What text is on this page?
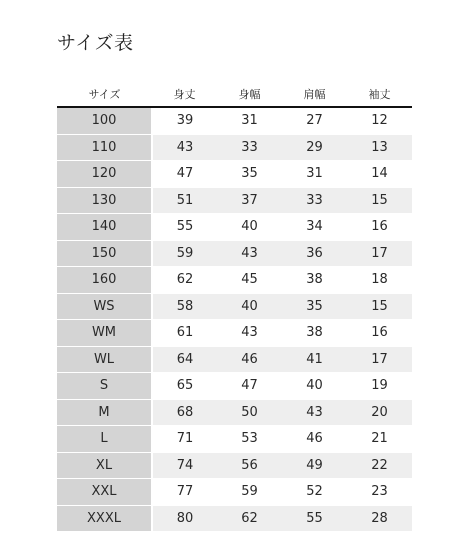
サイズ表
サイズ	身丈	身幅	肩幅	袖丈
100	39	31	27	12
110	43	33	29	13
120	47	35	31	14
130	51	37	33	15
140	55	40	34	16
150	59	43	36	17
160	62	45	38	18
WS	58	40	35	15
WM	61	43	38	16
WL	64	46	41	17
S	65	47	40	19
M	68	50	43	20
L	71	53	46	21
XL	74	56	49	22
XXL	77	59	52	23
XXXL	80	62	55	28
